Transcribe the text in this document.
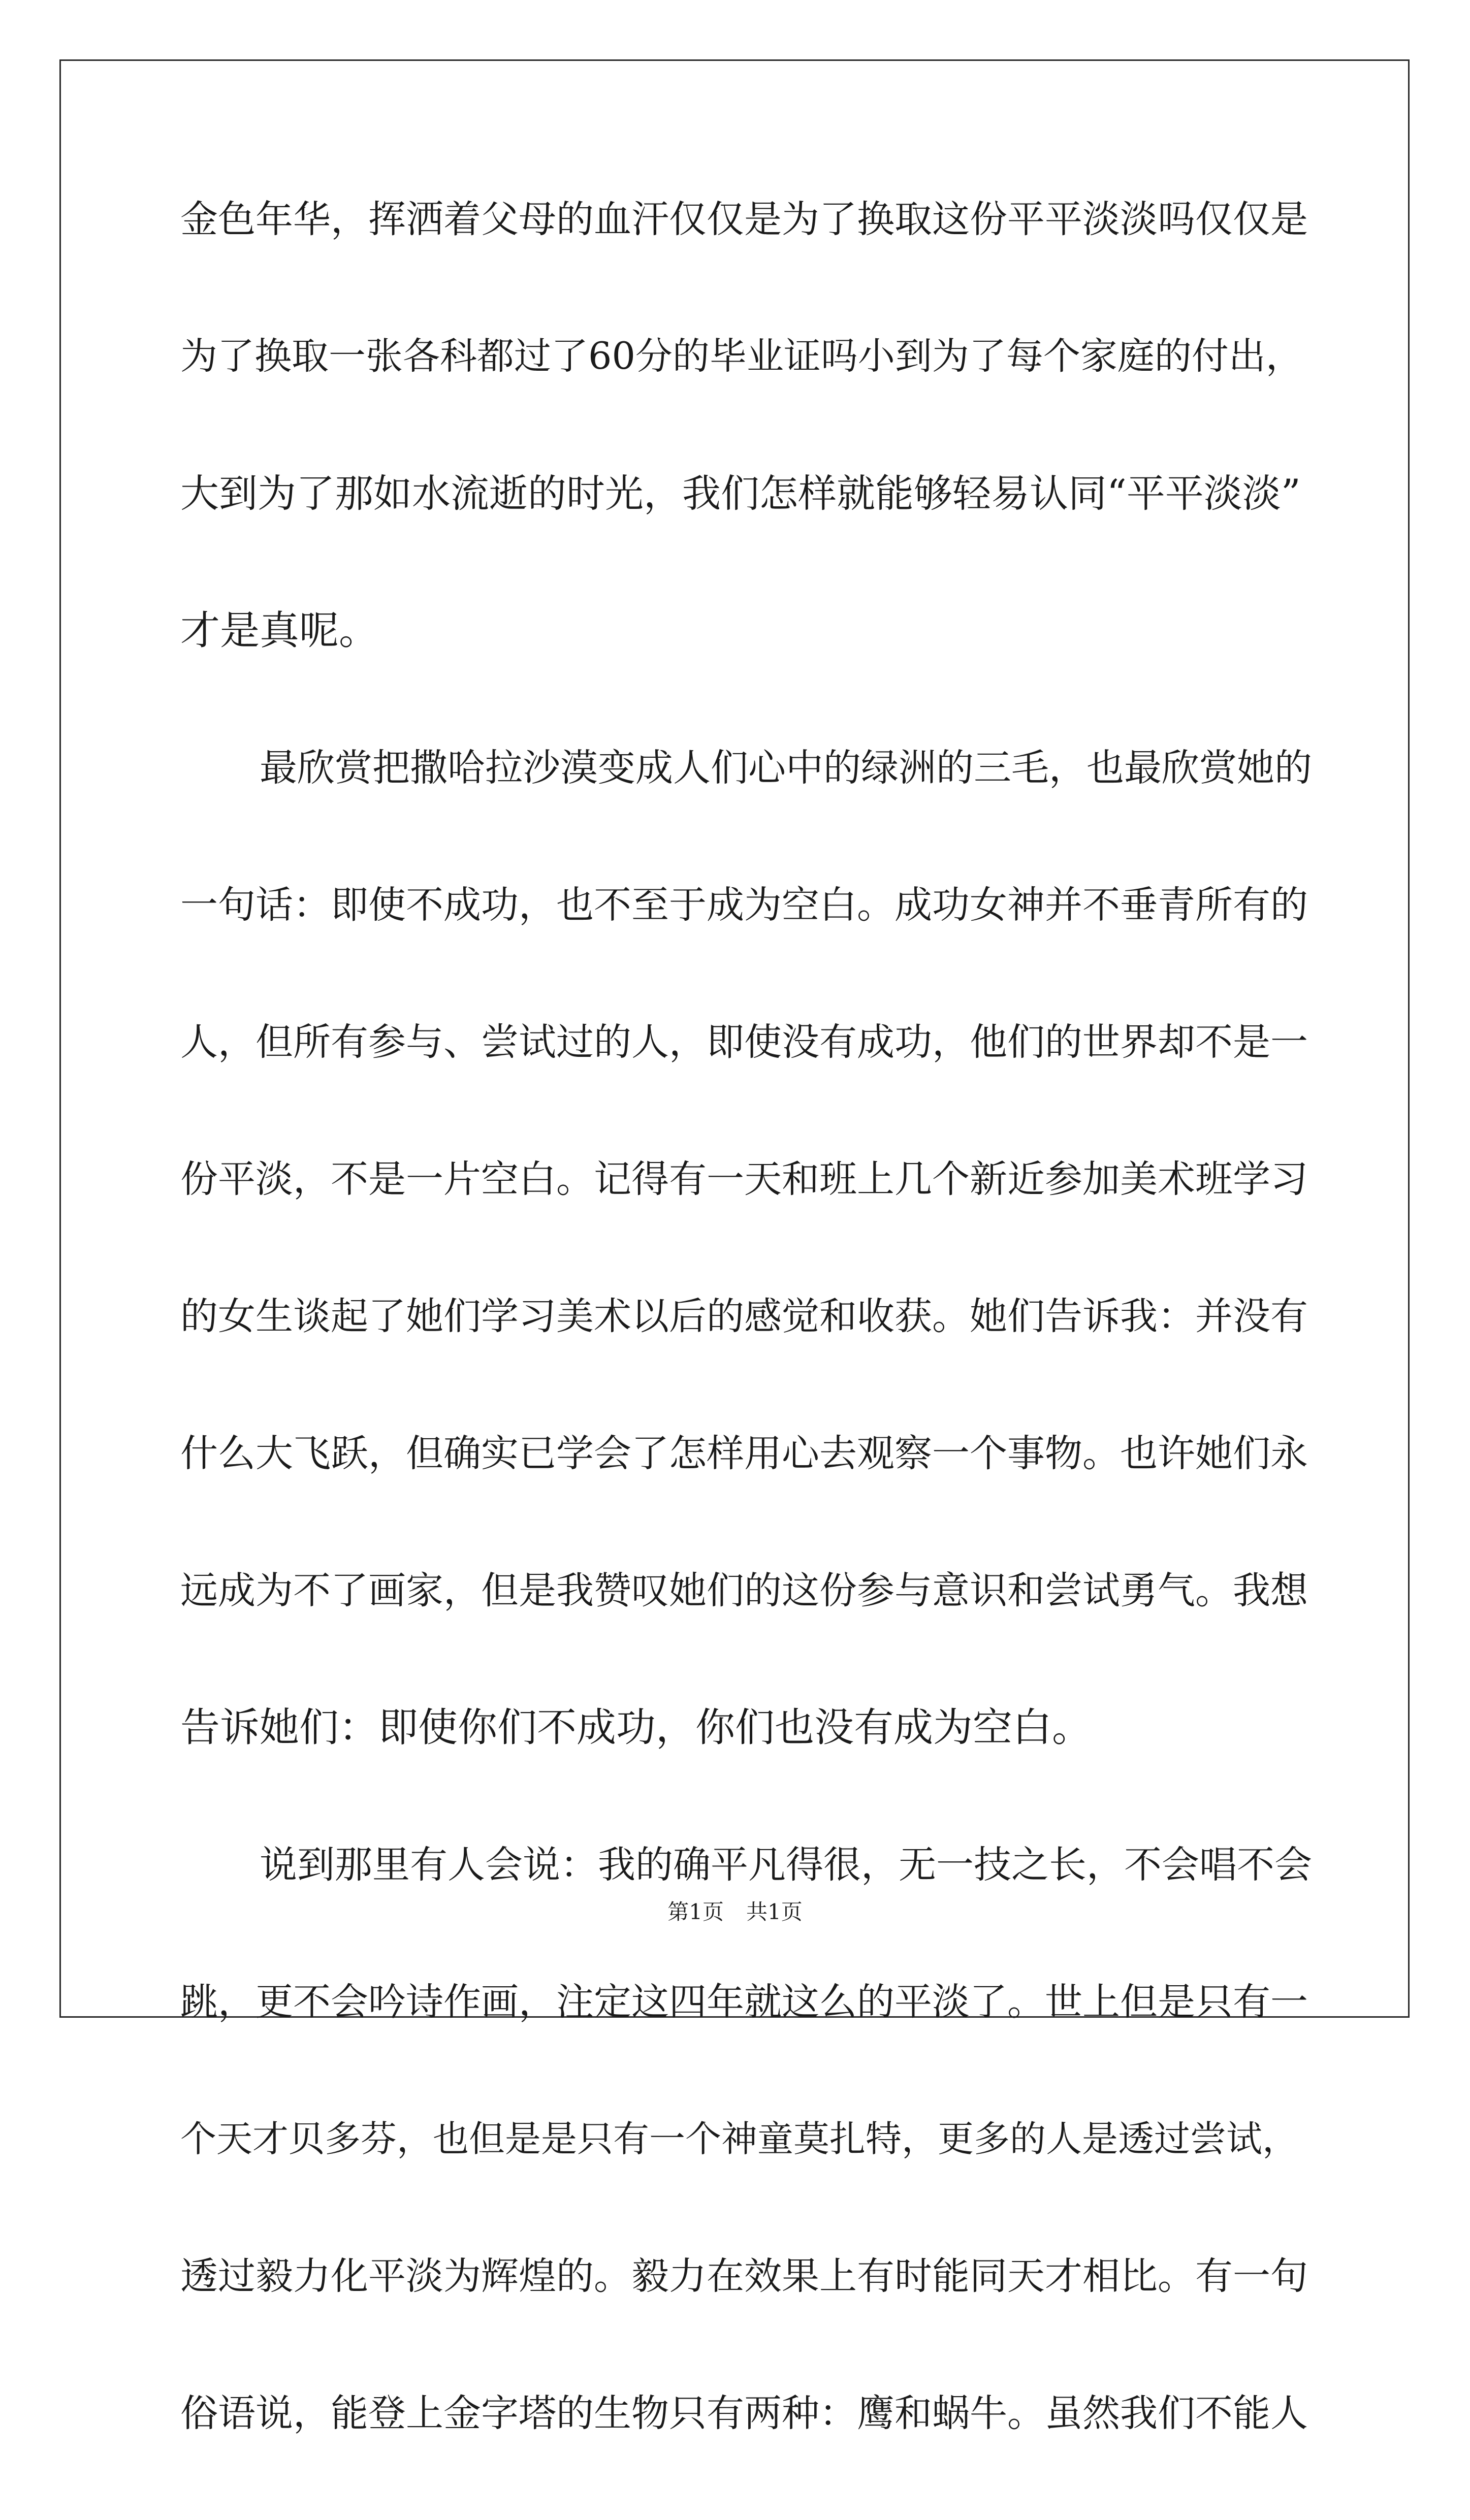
金色年华，挥洒着父母的血汗仅仅是为了换取这份平平淡淡吗仅仅是
为了换取一张各科都过了60分的毕业证吗小到为了每个家庭的付出，
大到为了那如水流逝的时光，我们怎样就能够轻易认同“平平淡淡”
才是真呢。
最欣赏把撒哈拉沙漠变成人们心中的绿洲的三毛，也最欣赏她的
一句话：即使不成功，也不至于成为空白。成功女神并不垂青所有的
人，但所有参与、尝试过的人，即使没有成功，他们的世界却不是一
份平淡，不是一片空白。记得有一天和班上几个新近参加美术班学习
的女生谈起了她们学习美术以后的感觉和收获。她们告诉我：并没有
什么大飞跃，但确实已学会了怎样用心去观察一个事物。也许她们永
远成为不了画家，但是我赞叹她们的这份参与意识和尝试勇气。我想
告诉她们：即使你们不成功，你们也没有成为空白。
说到那里有人会说：我的确平凡得很，无一技之长，不会唱不会
跳，更不会吟诗作画，注定这四年就这么的平淡了。世上但是只有一
个天才贝多芬，也但是是只有一个神童莫扎特，更多的人是透过尝试，
透过毅力化平淡为辉煌的。毅力在效果上有时能同天才相比。有一句
俗语说，能登上金字塔的生物只有两种：鹰和蜗牛。虽然我们不能人
第1页 共1页
